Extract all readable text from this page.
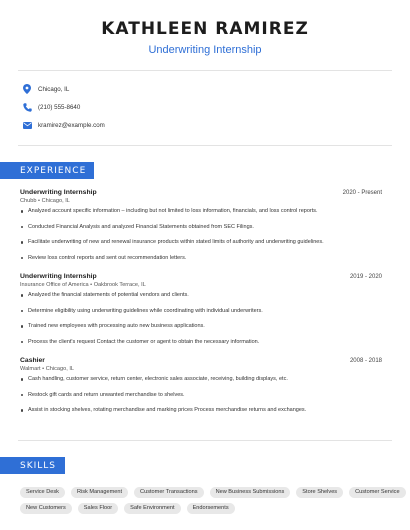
KATHLEEN RAMIREZ
Underwriting Internship
Chicago, IL
(210) 555-8640
kramirez@example.com
EXPERIENCE
Underwriting Internship	2020 - Present
Chubb • Chicago, IL
Analyzed account specific information – including but not limited to loss information, financials, and loss control reports.
Conducted Financial Analysis and analyzed Financial Statements obtained from SEC Filings.
Facilitate underwriting of new and renewal insurance products within stated limits of authority and underwriting guidelines.
Review loss control reports and sent out recommendation letters.
Underwriting Internship	2019 - 2020
Insurance Office of America • Oakbrook Terrace, IL
Analyzed the financial statements of potential vendors and clients.
Determine eligibility using underwriting guidelines while coordinating with individual underwriters.
Trained new employees with processing auto new business applications.
Process the client's request Contact the customer or agent to obtain the necessary information.
Cashier	2008 - 2018
Walmart • Chicago, IL
Cash handling, customer service, return center, electronic sales associate, receiving, building displays, etc.
Restock gift cards and return unwanted merchandise to shelves.
Assist in stocking shelves, rotating merchandise and marking prices Process merchandise returns and exchanges.
SKILLS
Service Desk	Risk Management	Customer Transactions	New Business Submissions	Store Shelves	Customer Service
New Customers	Sales Floor	Safe Environment	Endorsements
